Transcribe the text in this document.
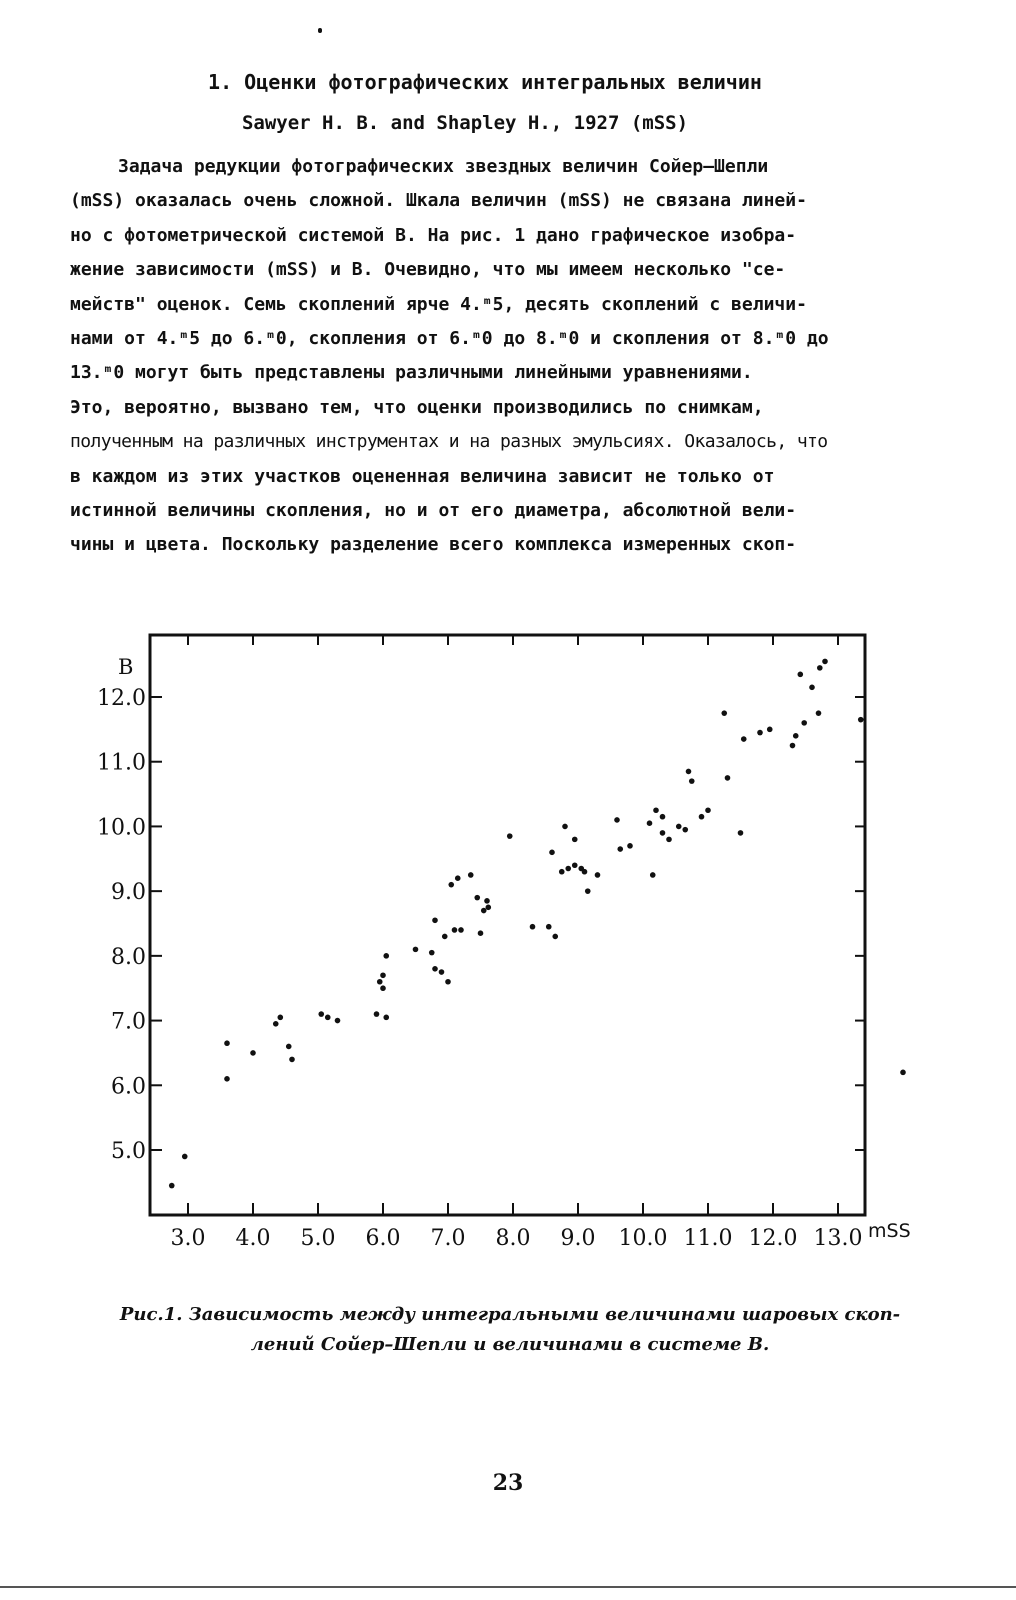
1. Оценки фотографических интегральных величин
Sawyer H. B. and Shapley H., 1927 (mSS)
Задача редукции фотографических звездных величин Сойер–Шепли
(mSS) оказалась очень сложной. Шкала величин (mSS) не связана линей-
но с фотометрической системой В. На рис. 1 дано графическое изобра-
жение зависимости (mSS) и В. Очевидно, что мы имеем несколько "се-
мейств" оценок. Семь скоплений ярче 4.ᵐ5, десять скоплений с величи-
нами от 4.ᵐ5 до 6.ᵐ0, скопления от 6.ᵐ0 до 8.ᵐ0 и скопления от 8.ᵐ0 до
13.ᵐ0 могут быть представлены различными линейными уравнениями.
Это, вероятно, вызвано тем, что оценки производились по снимкам,
полученным на различных инструментах и на разных эмульсиях. Оказалось, что
в каждом из этих участков оцененная величина зависит не только от
истинной величины скопления, но и от его диаметра, абсолютной вели-
чины и цвета. Поскольку разделение всего комплекса измеренных скоп-
3.0 4.0 5.0 6.0 7.0 8.0 9.0 10.0 11.0 12.0 13.0
5.0
6.0
7.0
8.0
9.0
10.0
11.0
12.0
mSS
B
Рис.1. Зависимость между интегральными величинами шаровых скоп-
лений Сойер–Шепли и величинами в системе В.
23
